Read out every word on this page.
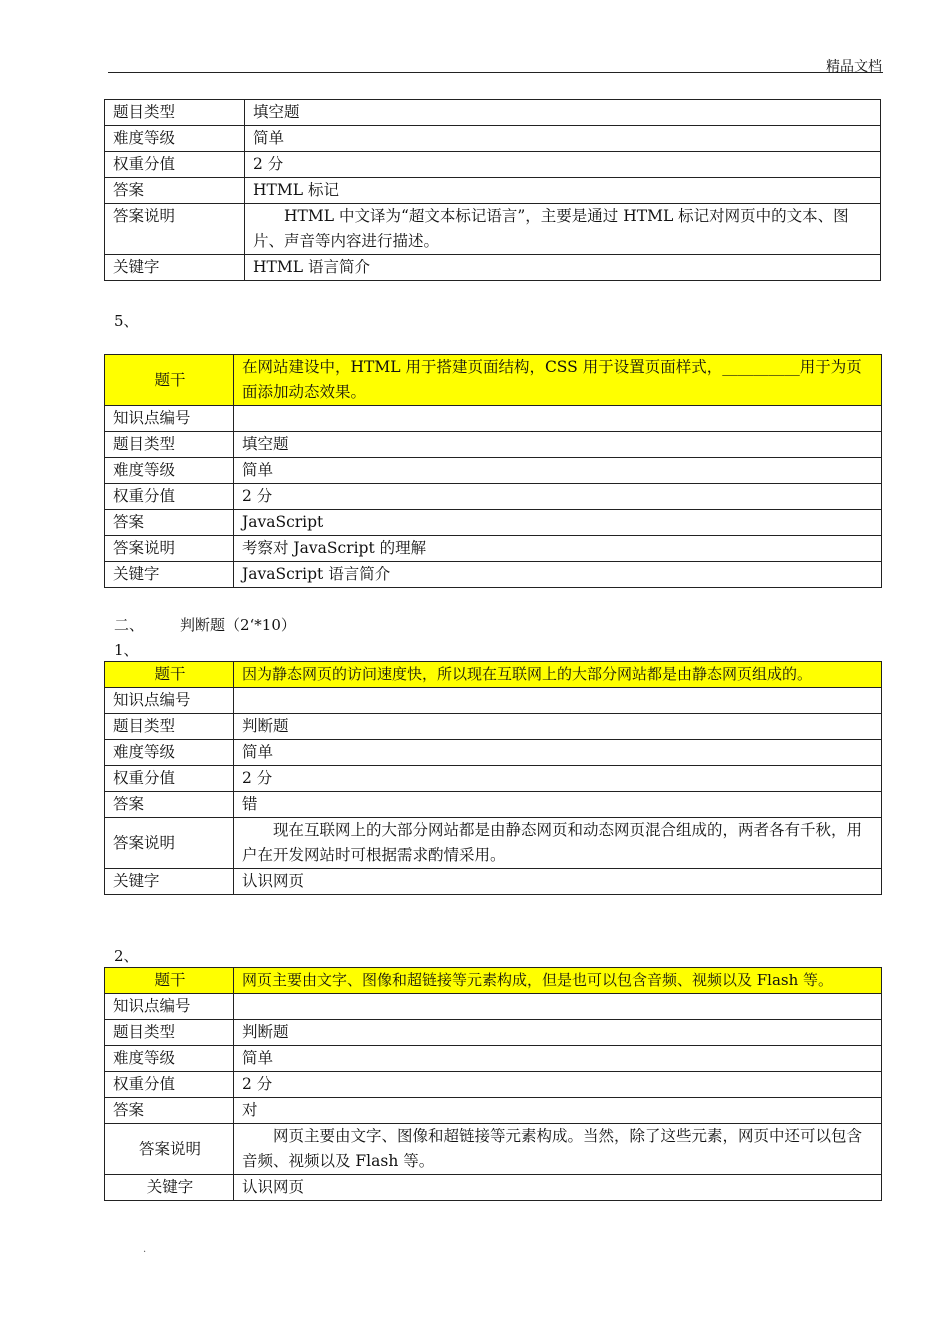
精品文档
题目类型	填空题
难度等级	简单
权重分值	2 分
答案	HTML 标记
答案说明	HTML 中文译为“超文本标记语言”，主要是通过 HTML 标记对网页中的文本、图片、声音等内容进行描述。
关键字	HTML 语言简介
5、
题干	在网站建设中，HTML 用于搭建页面结构，CSS 用于设置页面样式，__________用于为页面添加动态效果。
知识点编号	
题目类型	填空题
难度等级	简单
权重分值	2 分
答案	JavaScript
答案说明	考察对 JavaScript 的理解
关键字	JavaScript 语言简介
二、 判断题（2‘*10）
1、
题干	因为静态网页的访问速度快，所以现在互联网上的大部分网站都是由静态网页组成的。
知识点编号	
题目类型	判断题
难度等级	简单
权重分值	2 分
答案	错
答案说明	现在互联网上的大部分网站都是由静态网页和动态网页混合组成的，两者各有千秋，用户在开发网站时可根据需求酌情采用。
关键字	认识网页
2、
题干	网页主要由文字、图像和超链接等元素构成，但是也可以包含音频、视频以及 Flash 等。
知识点编号	
题目类型	判断题
难度等级	简单
权重分值	2 分
答案	对
答案说明	网页主要由文字、图像和超链接等元素构成。当然，除了这些元素，网页中还可以包含音频、视频以及 Flash 等。
关键字	认识网页
.
